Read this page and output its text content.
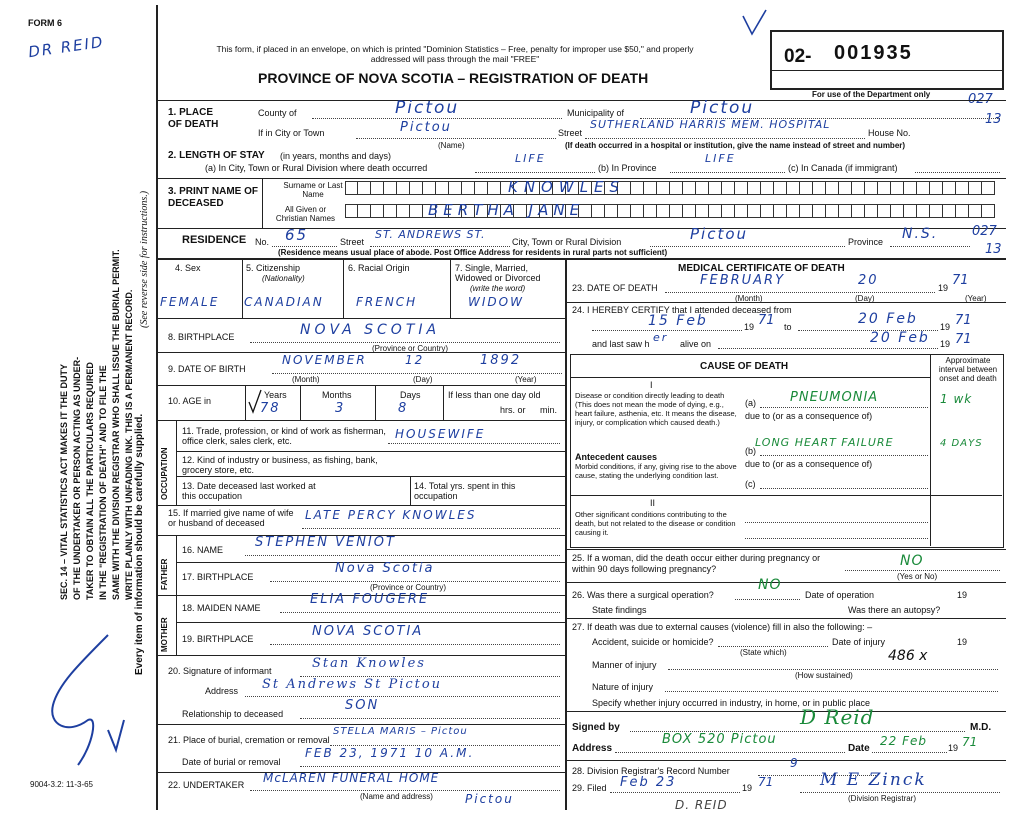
FORM 6
DR REID
SEC. 14 – VITAL STATISTICS ACT MAKES IT THE DUTY OF THE UNDERTAKER OR PERSON ACTING AS UNDER- TAKER TO OBTAIN ALL THE PARTICULARS REQUIRED IN THE "REGISTRATION OF DEATH" AND TO FILE THE SAME WITH THE DIVISION REGISTRAR WHO SHALL ISSUE THE BURIAL PERMIT. WRITE PLAINLY WITH UNFADING INK. THIS IS A PERMANENT RECORD. Every item of information should be carefully supplied.
(See reverse side for instructions.)
9004-3.2: 11-3-65
This form, if placed in an envelope, on which is printed "Dominion Statistics – Free, penalty for improper use $50," and properly addressed will pass through the mail "FREE"
PROVINCE OF NOVA SCOTIA – REGISTRATION OF DEATH
02- 001935
For use of the Department only	027
13
1. PLACE OF DEATH
County of	Pictou	Municipality of	Pictou
If in City or Town	Pictou
(Name)
Street
SUTHERLAND HARRIS MEM. HOSPITAL
House No.
(If death occurred in a hospital or institution, give the name instead of street and number)
2. LENGTH OF STAY (in years, months and days)
(a) In City, Town or Rural Division where death occurred
LIFE
(b) In Province
LIFE
(c) In Canada (if immigrant)
3. PRINT NAME OF DECEASED
Surname or Last Name
All Given or Christian Names
KNOWLES
BERTHA JANE
RESIDENCE No. 65	Street
ST. ANDREWS ST.
City, Town or Rural Division	Pictou	Province N.S.	027
13
(Residence means usual place of abode. Post Office Address for residents in rural parts not sufficient)
4. Sex
FEMALE
5. Citizenship
(Nationality)
CANADIAN
6. Racial Origin
FRENCH
7. Single, Married, Widowed or Divorced
(write the word)
WIDOW
8. BIRTHPLACE	NOVA SCOTIA
(Province or Country)
9. DATE OF BIRTH
NOVEMBER	12	1892
(Month)	(Day)	(Year)
10. AGE in
Years
78
Months
3
Days
8
If less than one day old
hrs. or min.
OCCUPATION
11. Trade, profession, or kind of work as fisherman, office clerk, sales clerk, etc.	HOUSEWIFE
12. Kind of industry or business, as fishing, bank, grocery store, etc.
13. Date deceased last worked at this occupation
14. Total yrs. spent in this occupation
15. If married give name of wife or husband of deceased
LATE PERCY KNOWLES
FATHER
16. NAME STEPHEN VENIOT
17. BIRTHPLACE
Nova Scotia
(Province or Country)
MOTHER
18. MAIDEN NAME
ELIA FOUGERE
19. BIRTHPLACE	NOVA SCOTIA
20. Signature of informant	Stan Knowles
Address St Andrews St Pictou
Relationship to deceased
SON
21. Place of burial, cremation or removal
STELLA MARIS – Pictou
Date of burial or removal
FEB 23, 1971 10 A.M.
22. UNDERTAKER McLAREN FUNERAL HOME
(Name and address)	Pictou
MEDICAL CERTIFICATE OF DEATH
23. DATE OF DEATH	FEBRUARY	20	19 71
(Month)	(Day)	(Year)
24. I HEREBY CERTIFY that I attended deceased from
15 Feb	19 71 to	20 Feb 19 71
and last saw h er alive on	20 Feb 19 71
CAUSE OF DEATH
Approximate interval between onset and death
I
Disease or condition directly leading to death (This does not mean the mode of dying, e.g., heart failure, asthenia, etc. It means the disease, injury, or complication which caused death.)
(a)	PNEUMONIA	1 wk
due to (or as a consequence of)
Antecedent causes
Morbid conditions, if any, giving rise to the above cause, stating the underlying condition last.
(b)
LONG HEART FAILURE	4 DAYS
due to (or as a consequence of)
(c)
II
Other significant conditions contributing to the death, but not related to the disease or condition causing it.
25. If a woman, did the death occur either during pregnancy or within 90 days following pregnancy?	NO
(Yes or No)
26. Was there a surgical operation?
NO
Date of operation	19
State findings	Was there an autopsy?
27. If death was due to external causes (violence) fill in also the following: –
Accident, suicide or homicide?
(State which)
Date of injury	19
Manner of injury
486 x
(How sustained)
Nature of injury
Specify whether injury occurred in industry, in home, or in public place
Signed by	D Reid	M.D.
Address
BOX 520 Pictou
Date
22 Feb 19 71
28. Division Registrar's Record Number
9
29. Filed Feb 23	19 71	M E Zinck
(Division Registrar)
D. REID
